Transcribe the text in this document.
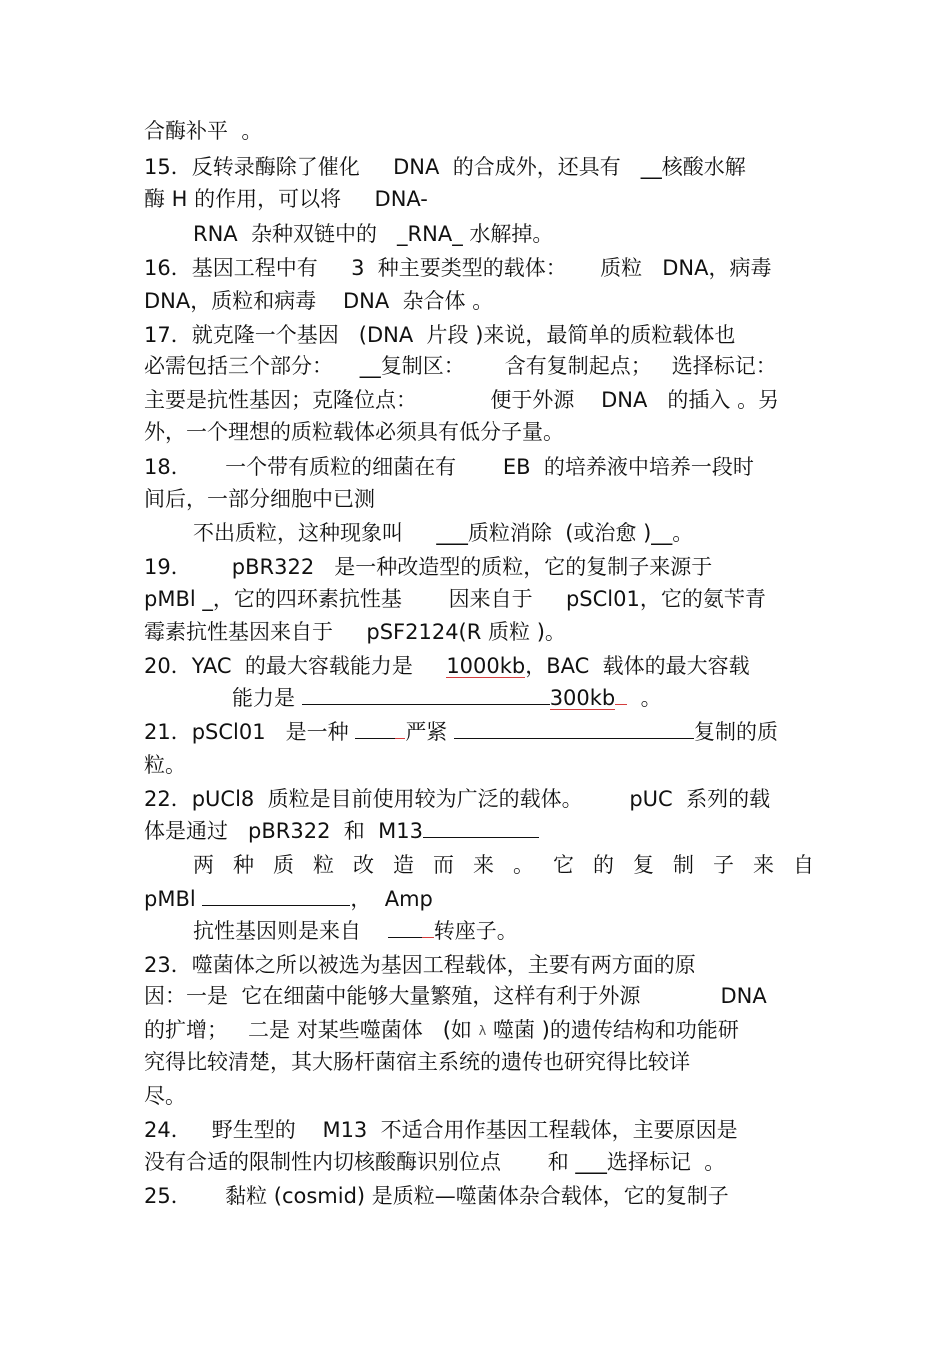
合酶补平  。
15．反转录酶除了催化     DNA  的合成外，还具有   __核酸水解
酶 H 的作用，可以将     DNA-
RNA  杂种双链中的   _RNA_ 水解掉。
16．基因工程中有     3  种主要类型的载体：     质粒   DNA，病毒
DNA，质粒和病毒    DNA  杂合体 。
17．就克隆一个基因   (DNA  片段 )来说，最简单的质粒载体也
必需包括三个部分：    __复制区：      含有复制起点；   选择标记：
主要是抗性基因；克隆位点：           便于外源    DNA   的插入 。另
外，一个理想的质粒载体必须具有低分子量。
18．     一个带有质粒的细菌在有       EB  的培养液中培养一段时
间后，一部分细胞中已测
不出质粒，这种现象叫     ___质粒消除  (或治愈 )__。
19．      pBR322   是一种改造型的质粒，它的复制子来源于
pMBl _，它的四环素抗性基       因来自于     pSCl01，它的氨苄青
霉素抗性基因来自于     pSF2124(R 质粒 )。
20．YAC  的最大容载能力是     1000kb，BAC  载体的最大容载
能力是	300kb  。
21．pSCl01   是一种 严紧	复制的质
粒。
22．pUCl8  质粒是目前使用较为广泛的载体。       pUC  系列的载
体是通过   pBR322  和  M13
两种质粒改造而来。它的复制子来自
pMBl	，  Amp
抗性基因则是来自    转座子。
23．噬菌体之所以被选为基因工程载体，主要有两方面的原
因：一是  它在细菌中能够大量繁殖，这样有利于外源            DNA
的扩增；   二是 对某些噬菌体   (如 λ 噬菌 )的遗传结构和功能研
究得比较清楚，其大肠杆菌宿主系统的遗传也研究得比较详
尽。
24．   野生型的    M13  不适合用作基因工程载体，主要原因是
没有合适的限制性内切核酸酶识别位点       和 ___选择标记  。
25．     黏粒 (cosmid) 是质粒—噬菌体杂合载体，它的复制子
